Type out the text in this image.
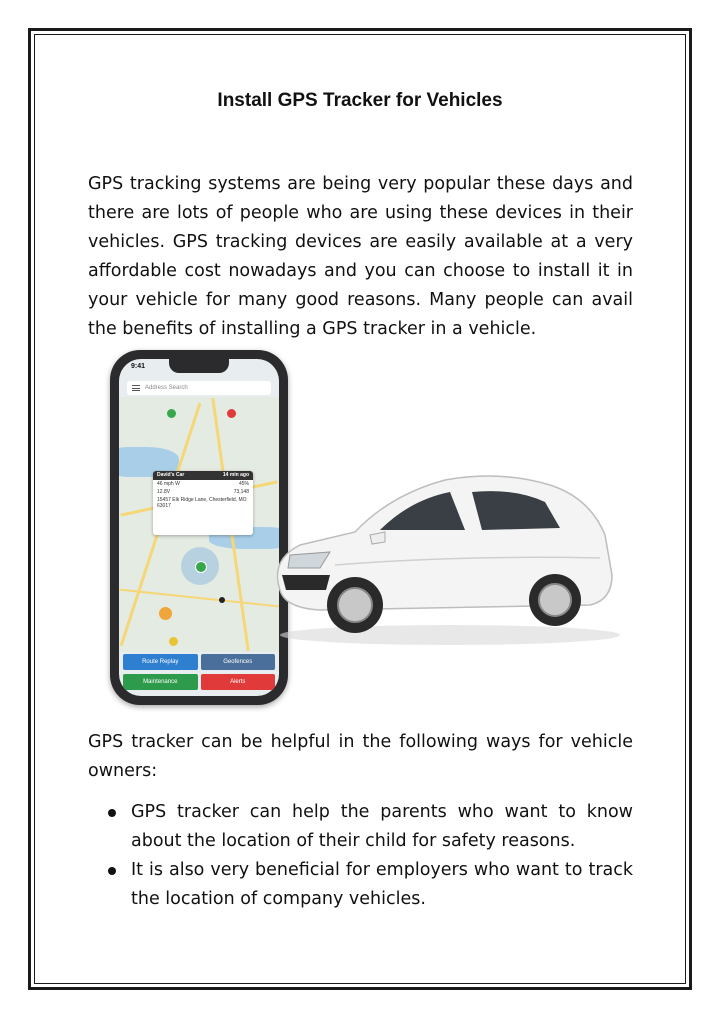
Install GPS Tracker for Vehicles
GPS tracking systems are being very popular these days and there are lots of people who are using these devices in their vehicles. GPS tracking devices are easily available at a very affordable cost nowadays and you can choose to install it in your vehicle for many good reasons. Many people can avail the benefits of installing a GPS tracker in a vehicle.
9:41
Address Search
David's Car	14 min ago
46 mph W	45%
12.8V	73,148
15457 Elk Ridge Lane, Chesterfield, MO 63017
Route Replay	Geofences
Maintenance	Alerts
GPS tracker can be helpful in the following ways for vehicle owners:
GPS tracker can help the parents who want to know about the location of their child for safety reasons.
It is also very beneficial for employers who want to track the location of company vehicles.
